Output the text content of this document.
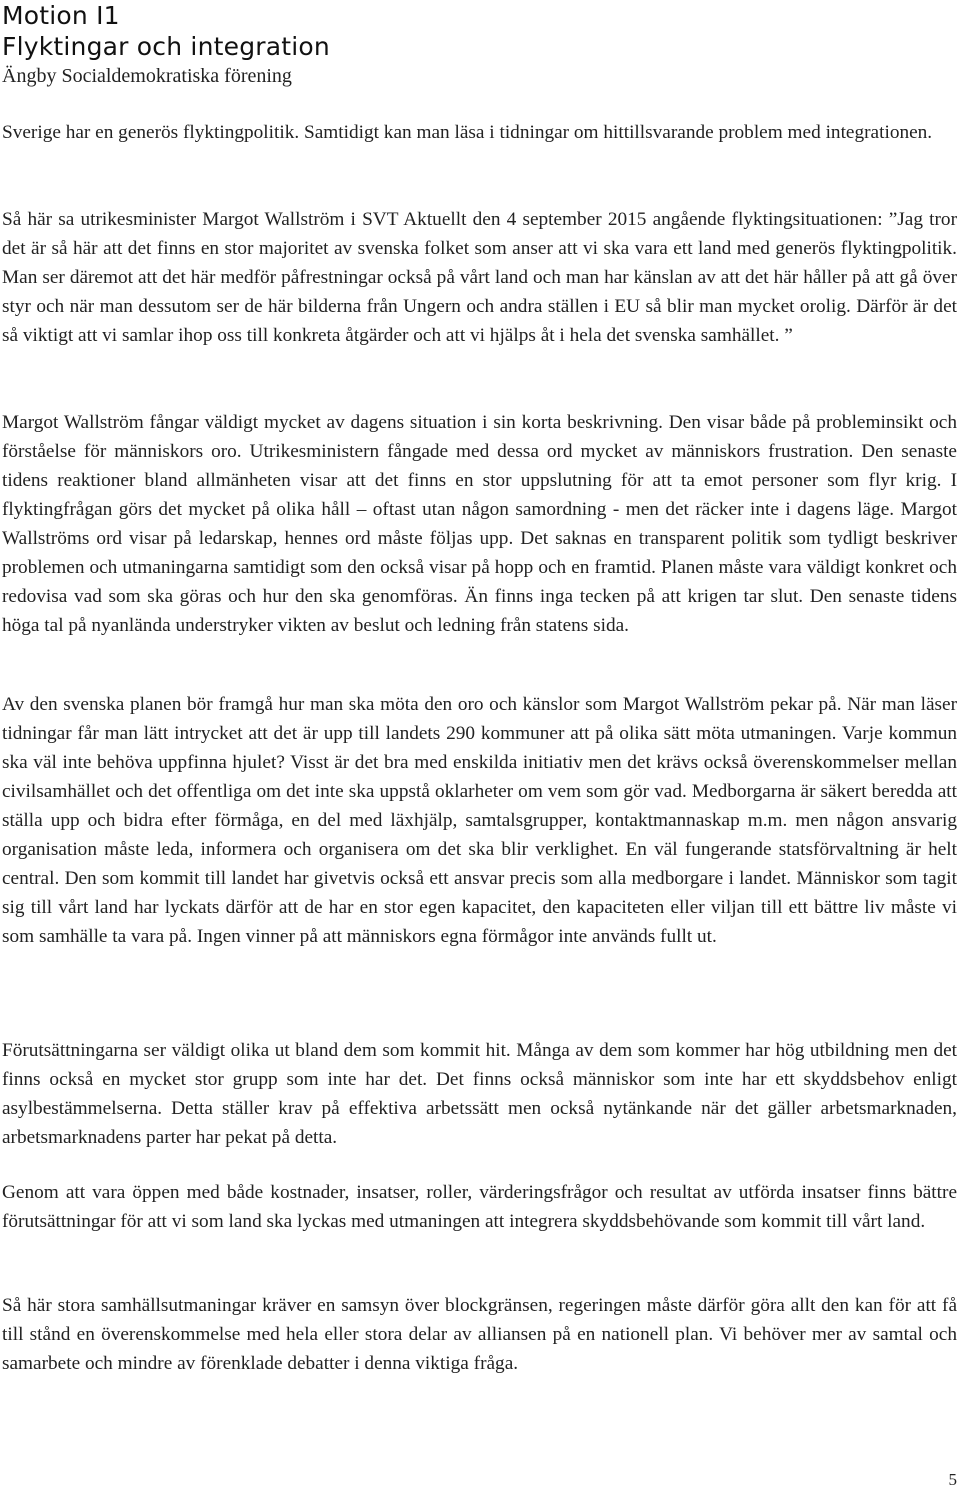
Motion I1
Flyktingar och integration

Ängby Socialdemokratiska förening

Sverige har en generös flyktingpolitik. Samtidigt kan man läsa i tidningar om hittillsvarande problem med integrationen.

Så här sa utrikesminister Margot Wallström i SVT Aktuellt den 4 september 2015 angående flyktingsituationen: ”Jag tror det är så här att det finns en stor majoritet av svenska folket som anser att vi ska vara ett land med generös flyktingpolitik. Man ser däremot att det här medför påfrestningar också på vårt land och man har känslan av att det här håller på att gå över styr och när man dessutom ser de här bilderna från Ungern och andra ställen i EU så blir man mycket orolig. Därför är det så viktigt att vi samlar ihop oss till konkreta åtgärder och att vi hjälps åt i hela det svenska samhället. ”

Margot Wallström fångar väldigt mycket av dagens situation i sin korta beskrivning. Den visar både på probleminsikt och förståelse för människors oro. Utrikesministern fångade med dessa ord mycket av människors frustration. Den senaste tidens reaktioner bland allmänheten visar att det finns en stor uppslutning för att ta emot personer som flyr krig. I flyktingfrågan görs det mycket på olika håll – oftast utan någon samordning - men det räcker inte i dagens läge. Margot Wallströms ord visar på ledarskap, hennes ord måste följas upp. Det saknas en transparent politik som tydligt beskriver problemen och utmaningarna samtidigt som den också visar på hopp och en framtid. Planen måste vara väldigt konkret och redovisa vad som ska göras och hur den ska genomföras. Än finns inga tecken på att krigen tar slut. Den senaste tidens höga tal på nyanlända understryker vikten av beslut och ledning från statens sida.

Av den svenska planen bör framgå hur man ska möta den oro och känslor som Margot Wallström pekar på. När man läser tidningar får man lätt intrycket att det är upp till landets 290 kommuner att på olika sätt möta utmaningen. Varje kommun ska väl inte behöva uppfinna hjulet? Visst är det bra med enskilda initiativ men det krävs också överenskommelser mellan civilsamhället och det offentliga om det inte ska uppstå oklarheter om vem som gör vad. Medborgarna är säkert beredda att ställa upp och bidra efter förmåga, en del med läxhjälp, samtalsgrupper, kontaktmannaskap m.m. men någon ansvarig organisation måste leda, informera och organisera om det ska blir verklighet. En väl fungerande statsförvaltning är helt central. Den som kommit till landet har givetvis också ett ansvar precis som alla medborgare i landet. Människor som tagit sig till vårt land har lyckats därför att de har en stor egen kapacitet, den kapaciteten eller viljan till ett bättre liv måste vi som samhälle ta vara på. Ingen vinner på att människors egna förmågor inte används fullt ut.

Förutsättningarna ser väldigt olika ut bland dem som kommit hit. Många av dem som kommer har hög utbildning men det finns också en mycket stor grupp som inte har det. Det finns också människor som inte har ett skyddsbehov enligt asylbestämmelserna. Detta ställer krav på effektiva arbetssätt men också nytänkande när det gäller arbetsmarknaden, arbetsmarknadens parter har pekat på detta.

Genom att vara öppen med både kostnader, insatser, roller, värderingsfrågor och resultat av utförda insatser finns bättre förutsättningar för att vi som land ska lyckas med utmaningen att integrera skyddsbehövande som kommit till vårt land.

Så här stora samhällsutmaningar kräver en samsyn över blockgränsen, regeringen måste därför göra allt den kan för att få till stånd en överenskommelse med hela eller stora delar av alliansen på en nationell plan. Vi behöver mer av samtal och samarbete och mindre av förenklade debatter i denna viktiga fråga.

5
